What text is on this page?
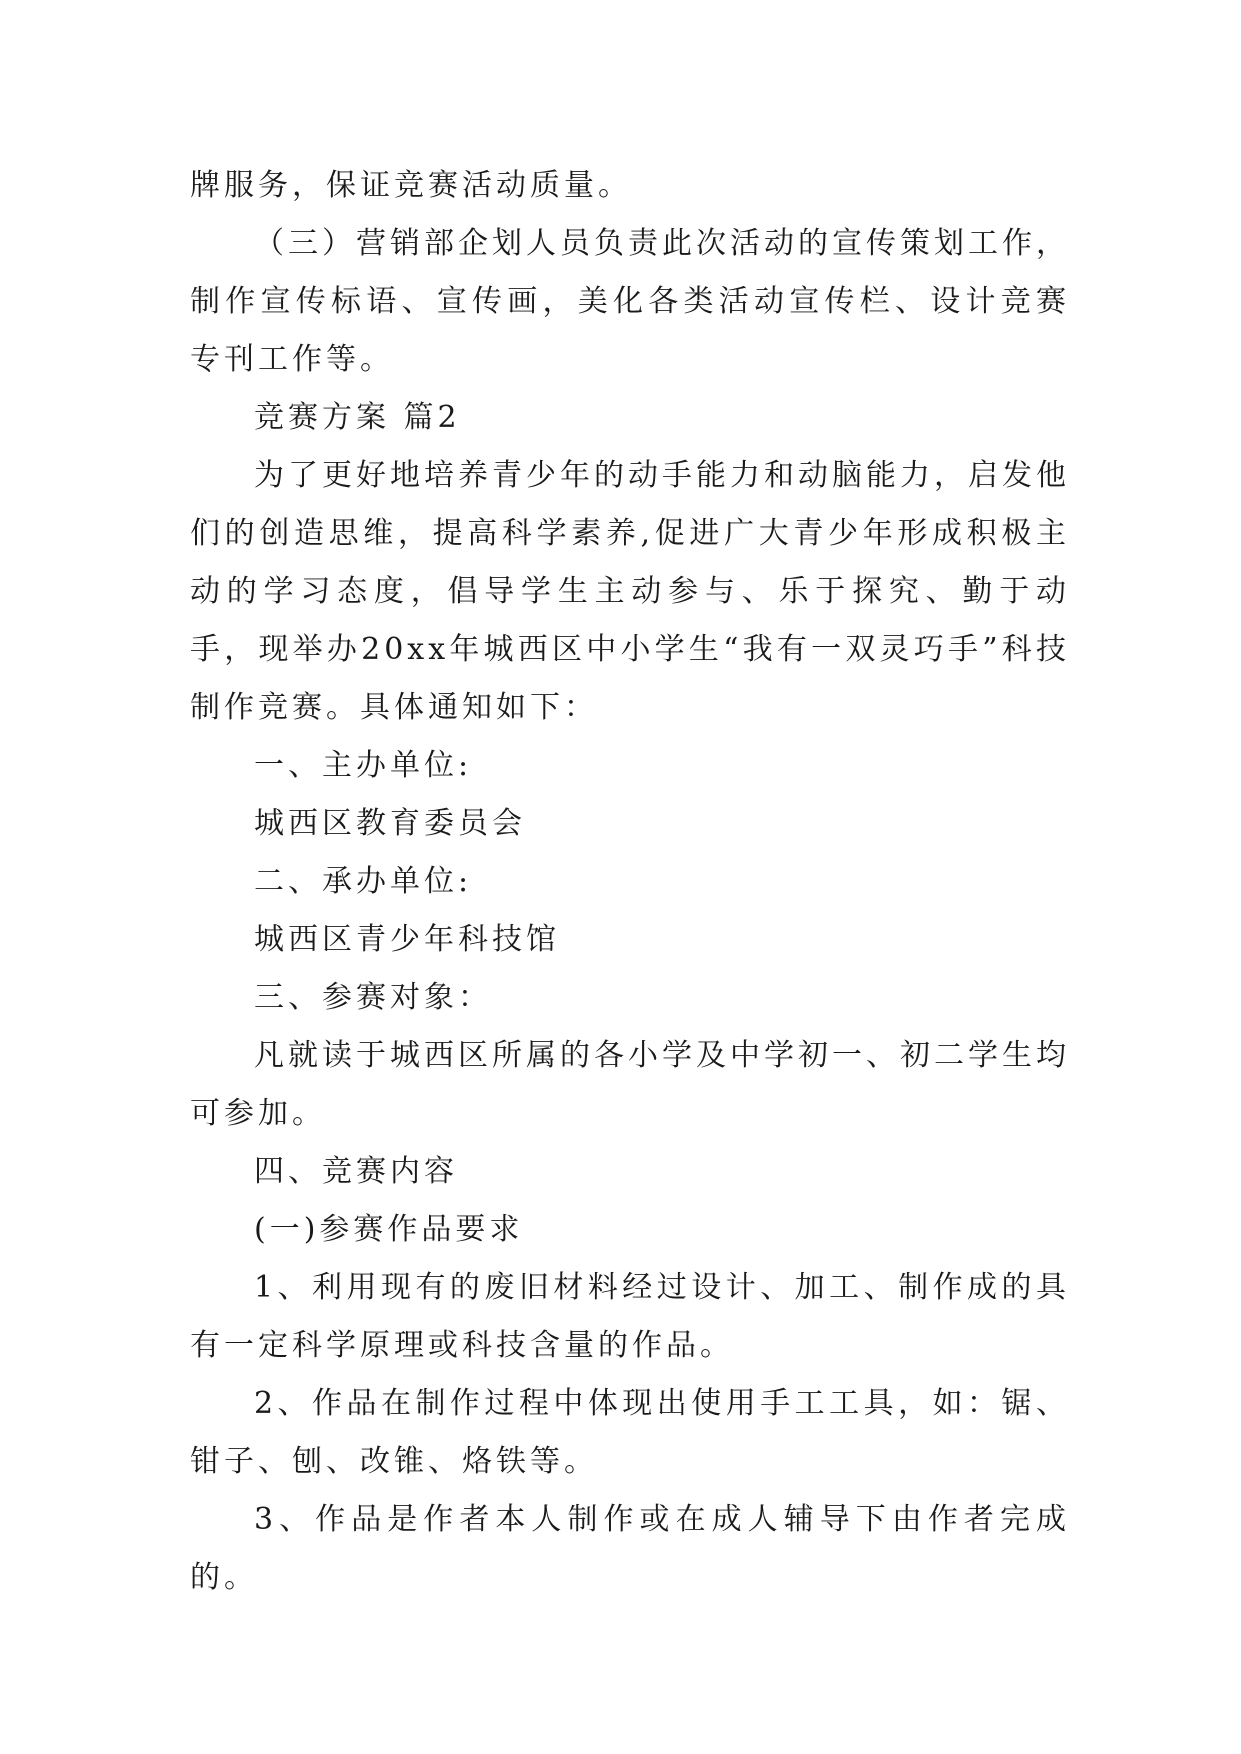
牌服务，保证竞赛活动质量。

（三）营销部企划人员负责此次活动的宣传策划工作，制作宣传标语、宣传画，美化各类活动宣传栏、设计竞赛专刊工作等。

竞赛方案 篇2

为了更好地培养青少年的动手能力和动脑能力，启发他们的创造思维，提高科学素养,促进广大青少年形成积极主动的学习态度，倡导学生主动参与、乐于探究、勤于动手，现举办20xx年城西区中小学生“我有一双灵巧手”科技制作竞赛。具体通知如下：

一、主办单位:

城西区教育委员会

二、承办单位:

城西区青少年科技馆

三、参赛对象：

凡就读于城西区所属的各小学及中学初一、初二学生均可参加。

四、竞赛内容

(一)参赛作品要求

1、利用现有的废旧材料经过设计、加工、制作成的具有一定科学原理或科技含量的作品。

2、作品在制作过程中体现出使用手工工具，如：锯、钳子、刨、改锥、烙铁等。

3、作品是作者本人制作或在成人辅导下由作者完成的。
